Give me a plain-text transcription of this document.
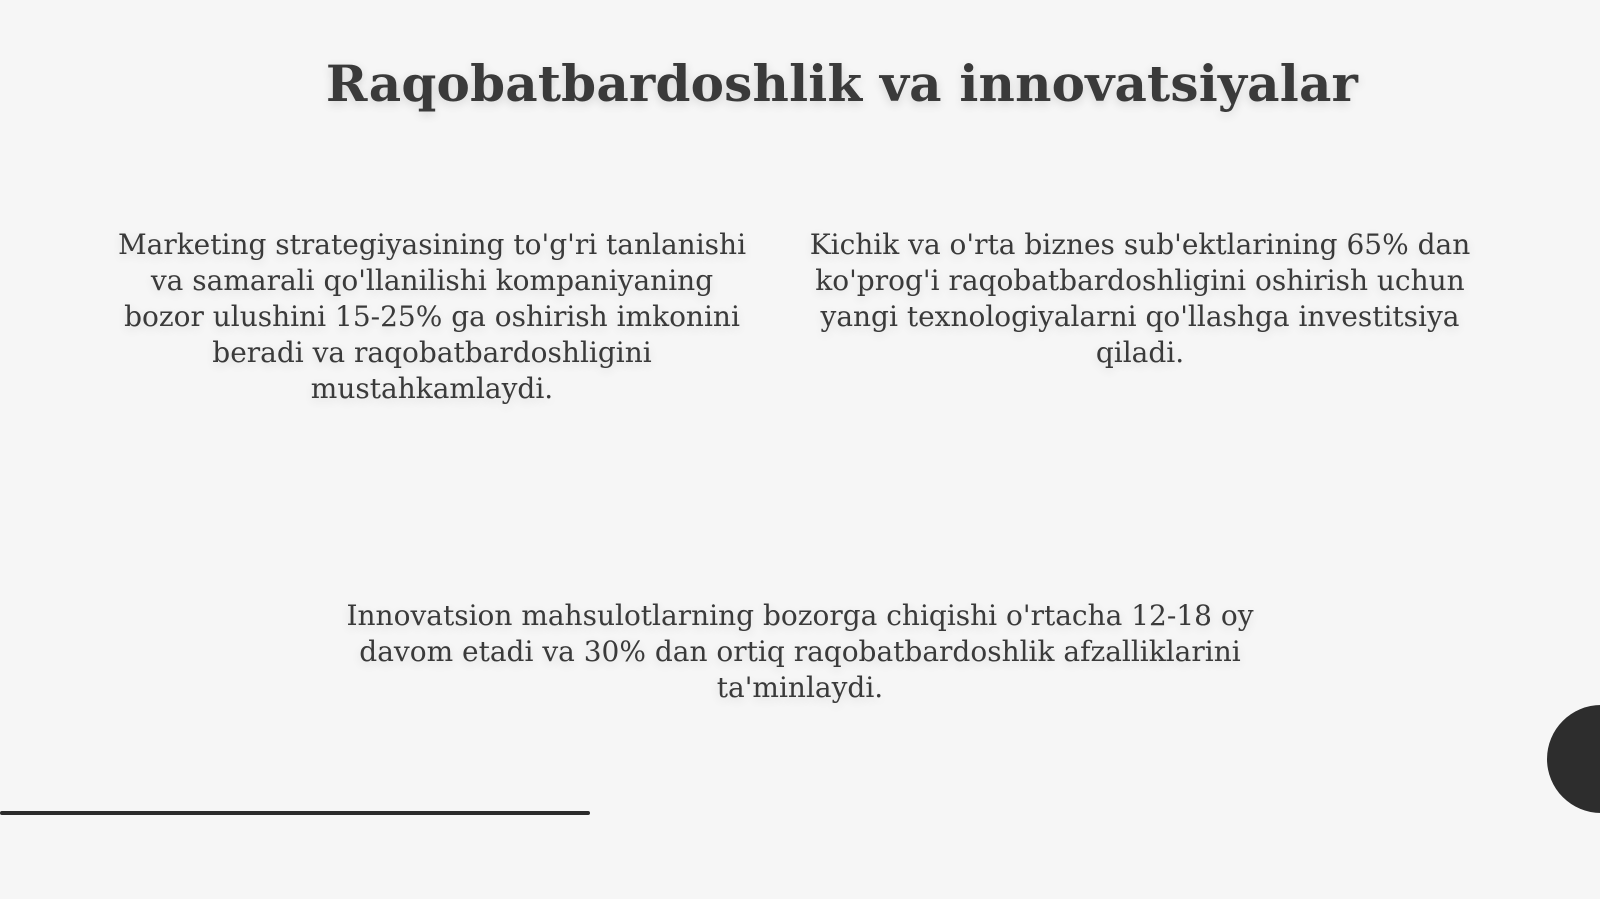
Raqobatbardoshlik va innovatsiyalar
Marketing strategiyasining to'g'ri tanlanishi
va samarali qo'llanilishi kompaniyaning
bozor ulushini 15-25% ga oshirish imkonini
beradi va raqobatbardoshligini
mustahkamlaydi.
Kichik va o'rta biznes sub'ektlarining 65% dan
ko'prog'i raqobatbardoshligini oshirish uchun
yangi texnologiyalarni qo'llashga investitsiya
qiladi.
Innovatsion mahsulotlarning bozorga chiqishi o'rtacha 12-18 oy
davom etadi va 30% dan ortiq raqobatbardoshlik afzalliklarini
ta'minlaydi.
